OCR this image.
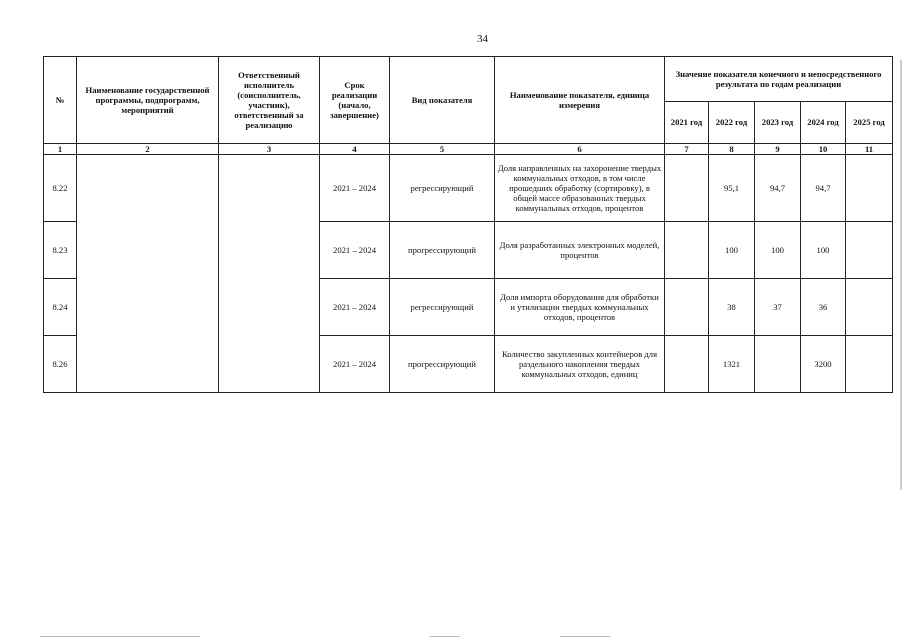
34
№	Наименование государственной программы, подпрограмм, мероприятий	Ответственный исполнитель (соисполнитель, участник), ответственный за реализацию	Срок реализации (начало, завершение)	Вид показателя	Наименование показателя, единица измерения	Значение показателя конечного и непосредственного результата по годам реализации				
						2021 год	2022 год	2023 год	2024 год	2025 год
1	2	3	4	5	6	7	8	9	10	11
8.22			2021 – 2024	регрессирующий	Доля направленных на захоронение твердых коммунальных отходов, в том числе прошедших обработку (сортировку), в общей массе образованных твердых коммунальных отходов, процентов		95,1	94,7	94,7	
8.23			2021 – 2024	прогрессирующий	Доля разработанных электронных моделей, процентов		100	100	100	
8.24			2021 – 2024	регрессирующий	Доля импорта оборудования для обработки и утилизации твердых коммунальных отходов, процентов		38	37	36	
8.26			2021 – 2024	прогрессирующий	Количество закупленных контейнеров для раздельного накопления твердых коммунальных отходов, единиц		1321		3200	
